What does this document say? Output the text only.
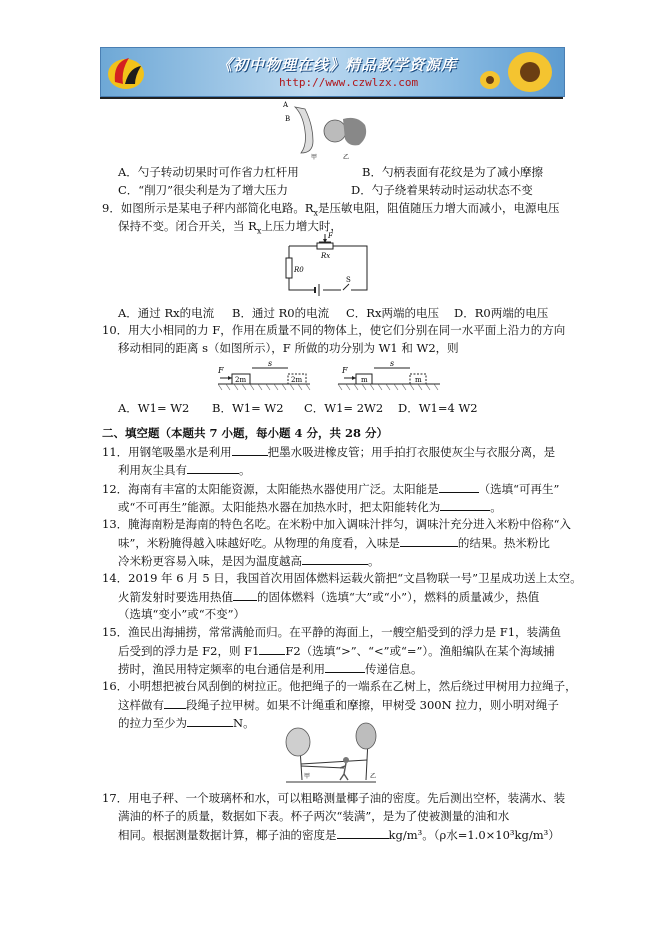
《初中物理在线》精品教学资源库
http://www.czwlzx.com
A
B
甲	乙
A．勺子转动切果时可作省力杠杆用	B．勺柄表面有花纹是为了减小摩擦
C．“削刀”很尖利是为了增大压力	D．勺子绕着果转动时运动状态不变
9．如图所示是某电子秤内部简化电路。$R_x$是压敏电阻，阻值随压力增大而减小，电源电压
保持不变。闭合开关，当 $R_x$上压力增大时，
F
Rx
R0
S
A．通过 Rx的电流 B．通过 R0的电流 C．Rx两端的电压 D．R0两端的电压
10．用大小相同的力 F，作用在质量不同的物体上，使它们分别在同一水平面上沿力的方向
移动相同的距离 s（如图所示），F 所做的功分别为 W1 和 W2，则
F	F
2m	2m	m	m
s	s
A．W1= W2 B．W1= W2 C．W1= 2W2 D．W1=4 W2
二、填空题（本题共 7 小题，每小题 4 分，共 28 分）
11．用钢笔吸墨水是利用	把墨水吸进橡皮管；用手拍打衣服使灰尘与衣服分离，是
利用灰尘具有	。
12．海南有丰富的太阳能资源，太阳能热水器使用广泛。太阳能是	（选填“可再生”
或“不可再生”能源。太阳能热水器在加热水时，把太阳能转化为	。
13．腌海南粉是海南的特色名吃。在米粉中加入调味汁拌匀，调味汁充分进入米粉中俗称“入
味”，米粉腌得越入味越好吃。从物理的角度看，入味是	的结果。热米粉比
冷米粉更容易入味，是因为温度越高	。
14．2019 年 6 月 5 日，我国首次用固体燃料运载火箭把“文昌物联一号”卫星成功送上太空。
火箭发射时要选用热值 的固体燃料（选填“大”或“小”），燃料的质量减少，热值
（选填“变小”或“不变”）
15．渔民出海捕捞，常常满舱而归。在平静的海面上，一艘空船受到的浮力是 F1，装满鱼
后受到的浮力是 F2，则 F1 F2（选填“>”、“<”或“=”）。渔船编队在某个海域捕
捞时，渔民用特定频率的电台通信是利用	传递信息。
16．小明想把被台风刮倒的树拉正。他把绳子的一端系在乙树上，然后绕过甲树用力拉绳子，
这样做有 段绳子拉甲树。如果不计绳重和摩擦，甲树受 300N 拉力，则小明对绳子
的拉力至少为	N。
甲	乙
17．用电子秤、一个玻璃杯和水，可以粗略测量椰子油的密度。先后测出空杯，装满水、装
满油的杯子的质量，数据如下表。杯子两次“装满”，是为了使被测量的油和水
相同。根据测量数据计算，椰子油的密度是	kg/m³。（ρ水=1.0×10³kg/m³）
